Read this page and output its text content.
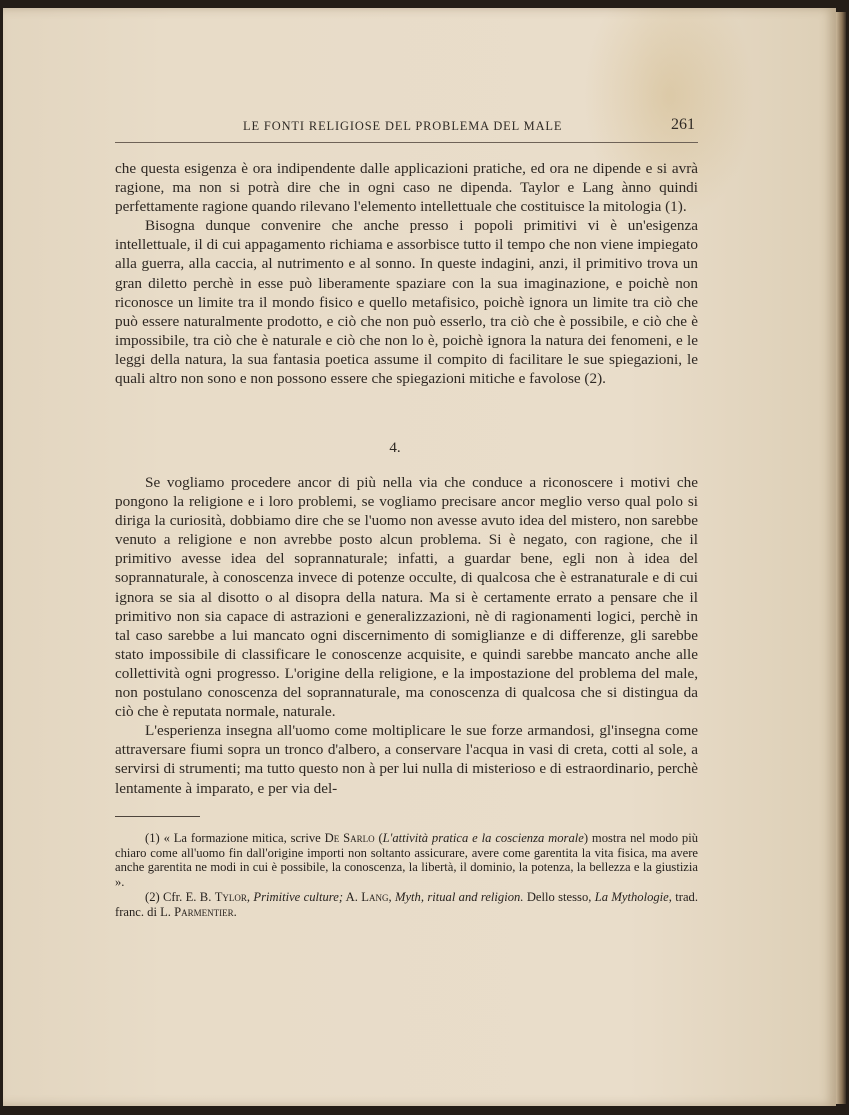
LE FONTI RELIGIOSE DEL PROBLEMA DEL MALE	261

che questa esigenza è ora indipendente dalle applicazioni pratiche, ed ora ne dipende e si avrà ragione, ma non si potrà dire che in ogni caso ne dipenda. Taylor e Lang ànno quindi perfettamente ragione quando rilevano l'elemento intellettuale che costituisce la mitologia (1).

Bisogna dunque convenire che anche presso i popoli primitivi vi è un'esigenza intellettuale, il di cui appagamento richiama e assorbisce tutto il tempo che non viene impiegato alla guerra, alla caccia, al nutrimento e al sonno. In queste indagini, anzi, il primitivo trova un gran diletto perchè in esse può liberamente spaziare con la sua imaginazione, e poichè non riconosce un limite tra il mondo fisico e quello metafisico, poichè ignora un limite tra ciò che può essere naturalmente prodotto, e ciò che non può esserlo, tra ciò che è possibile, e ciò che è impossibile, tra ciò che è naturale e ciò che non lo è, poichè ignora la natura dei fenomeni, e le leggi della natura, la sua fantasia poetica assume il compito di facilitare le sue spiegazioni, le quali altro non sono e non possono essere che spiegazioni mitiche e favolose (2).

4.

Se vogliamo procedere ancor di più nella via che conduce a riconoscere i motivi che pongono la religione e i loro problemi, se vogliamo precisare ancor meglio verso qual polo si diriga la curiosità, dobbiamo dire che se l'uomo non avesse avuto idea del mistero, non sarebbe venuto a religione e non avrebbe posto alcun problema. Si è negato, con ragione, che il primitivo avesse idea del soprannaturale; infatti, a guardar bene, egli non à idea del soprannaturale, à conoscenza invece di potenze occulte, di qualcosa che è estranaturale e di cui ignora se sia al disotto o al disopra della natura. Ma si è certamente errato a pensare che il primitivo non sia capace di astrazioni e generalizzazioni, nè di ragionamenti logici, perchè in tal caso sarebbe a lui mancato ogni discernimento di somiglianze e di differenze, gli sarebbe stato impossibile di classificare le conoscenze acquisite, e quindi sarebbe mancato anche alle collettività ogni progresso. L'origine della religione, e la impostazione del problema del male, non postulano conoscenza del soprannaturale, ma conoscenza di qualcosa che si distingua da ciò che è reputata normale, naturale.

L'esperienza insegna all'uomo come moltiplicare le sue forze armandosi, gl'insegna come attraversare fiumi sopra un tronco d'albero, a conservare l'acqua in vasi di creta, cotti al sole, a servirsi di strumenti; ma tutto questo non à per lui nulla di misterioso e di estraordinario, perchè lentamente à imparato, e per via del-

(1) « La formazione mitica, scrive De Sarlo (L'attività pratica e la coscienza morale) mostra nel modo più chiaro come all'uomo fin dall'origine importi non soltanto assicurare, avere come garentita la vita fisica, ma avere anche garentita ne modi in cui è possibile, la conoscenza, la libertà, il dominio, la potenza, la bellezza e la giustizia ».

(2) Cfr. E. B. Tylor, Primitive culture; A. Lang, Myth, ritual and religion. Dello stesso, La Mythologie, trad. franc. di L. Parmentier.
